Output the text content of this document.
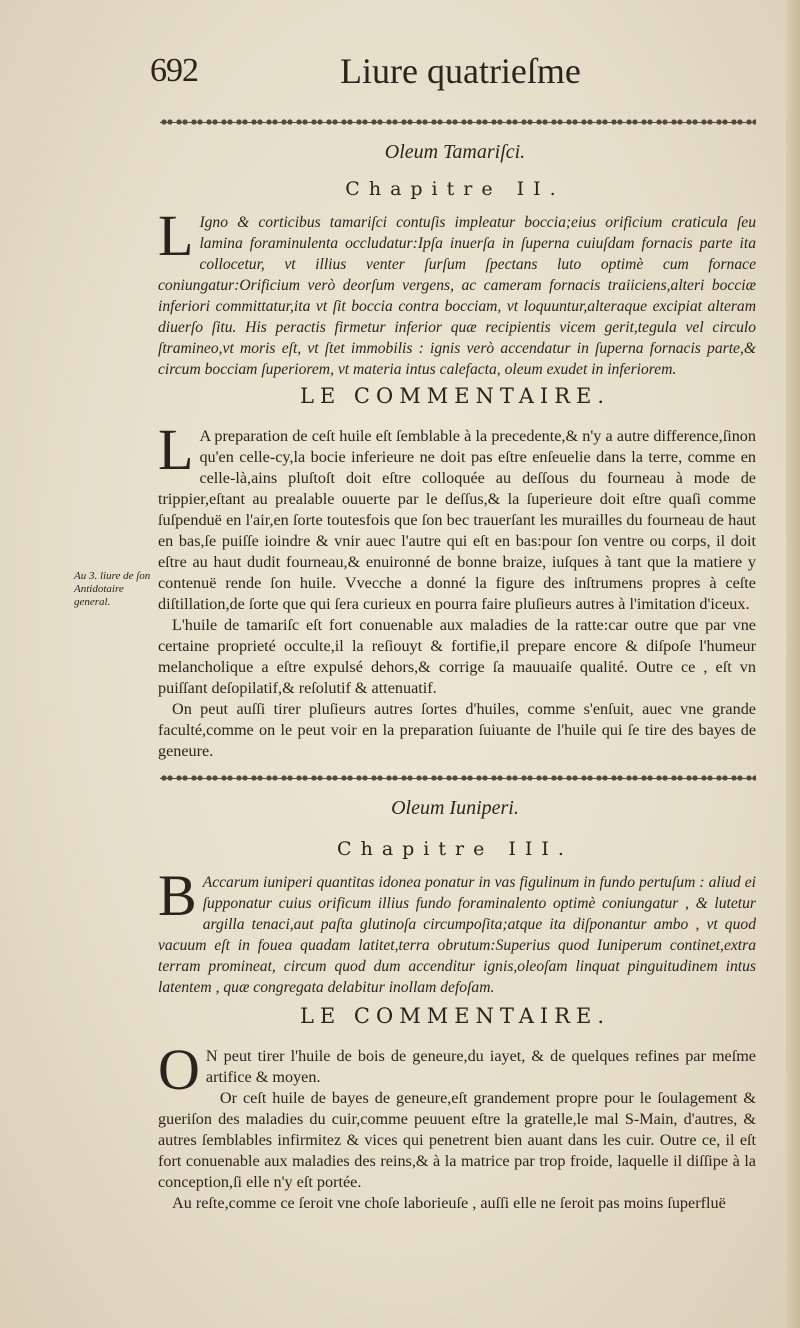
692	Liure quatrieſme
Oleum Tamariſci.
Chapitre II.
L Igno & corticibus tamariſci contuſis impleatur boccia;eius orificium craticula ſeu lamina foraminulenta occludatur:Ipſa inuerſa in ſuperna cuiuſdam fornacis parte ita collocetur, vt illius venter ſurſum ſpectans luto optimè cum fornace coniungatur:Orificium verò deorſum vergens, ac cameram fornacis traiiciens,alteri bocciæ inferiori committatur,ita vt ſit boccia contra bocciam, vt loquuntur,alteraque excipiat alteram diuerſo ſitu. His peractis firmetur inferior quæ recipientis vicem gerit,tegula vel circulo ſtramineo,vt moris eſt, vt ſtet immobilis : ignis verò accendatur in ſuperna fornacis parte,& circum bocciam ſuperiorem, vt materia intus calefacta, oleum exudet in inferiorem.
LE COMMENTAIRE.

L A preparation de ceſt huile eſt ſemblable à la precedente,& n'y a autre difference,ſinon qu'en celle-cy,la bocie inferieure ne doit pas eſtre enſeuelie dans la terre, comme en celle-là,ains pluſtoſt doit eſtre colloquée au deſſous du fourneau à mode de trippier,eſtant au prealable ouuerte par le deſſus,& la ſuperieure doit eſtre quaſi comme ſuſpenduë en l'air,en ſorte toutesfois que ſon bec trauerſant les murailles du fourneau de haut en bas,ſe puiſſe ioindre & vnir auec l'autre qui eſt en bas:pour ſon ventre ou corps, il doit eſtre au haut dudit fourneau,& enuironné de bonne braize, iuſques à tant que la matiere y contenuë rende ſon huile. Vvecche a donné la figure des inſtrumens propres à ceſte diſtillation,de ſorte que qui ſera curieux en pourra faire pluſieurs autres à l'imitation d'iceux.

L'huile de tamariſc eſt fort conuenable aux maladies de la ratte:car outre que par vne certaine proprieté occulte,il la reſiouyt & fortifie,il prepare encore & diſpoſe l'humeur melancholique a eſtre expulsé dehors,& corrige ſa mauuaiſe qualité. Outre ce , eſt vn puiſſant deſopilatif,& reſolutif & attenuatif.

On peut auſſi tirer pluſieurs autres ſortes d'huiles, comme s'enſuit, auec vne grande faculté,comme on le peut voir en la preparation ſuiuante de l'huile qui ſe tire des bayes de geneure.

Au 3. liure de ſon Antidotaire general.
Oleum Iuniperi.
Chapitre III.
B Accarum iuniperi quantitas idonea ponatur in vas figulinum in fundo pertuſum : aliud ei ſupponatur cuius orificum illius fundo foraminalento optimè coniungatur , & lutetur argilla tenaci,aut paſta glutinoſa circumpoſita;atque ita diſponantur ambo , vt quod vacuum eſt in fouea quadam latitet,terra obrutum:Superius quod Iuniperum continet,extra terram promineat, circum quod dum accenditur ignis,oleoſam linquat pinguitudinem intus latentem , quæ congregata delabitur inollam defoſam.
LE COMMENTAIRE.

O N peut tirer l'huile de bois de geneure,du iayet, & de quelques refines par meſme artifice & moyen.

Or ceſt huile de bayes de geneure,eſt grandement propre pour le ſoulagement & gueriſon des maladies du cuir,comme peuuent eſtre la gratelle,le mal S-Main, d'autres, & autres ſemblables infirmitez & vices qui penetrent bien auant dans les cuir. Outre ce, il eſt fort conuenable aux maladies des reins,& à la matrice par trop froide, laquelle il diſſipe à la conception,ſi elle n'y eſt portée.

Au reſte,comme ce ſeroit vne choſe laborieuſe , auſſi elle ne ſeroit pas moins ſuperfluë
